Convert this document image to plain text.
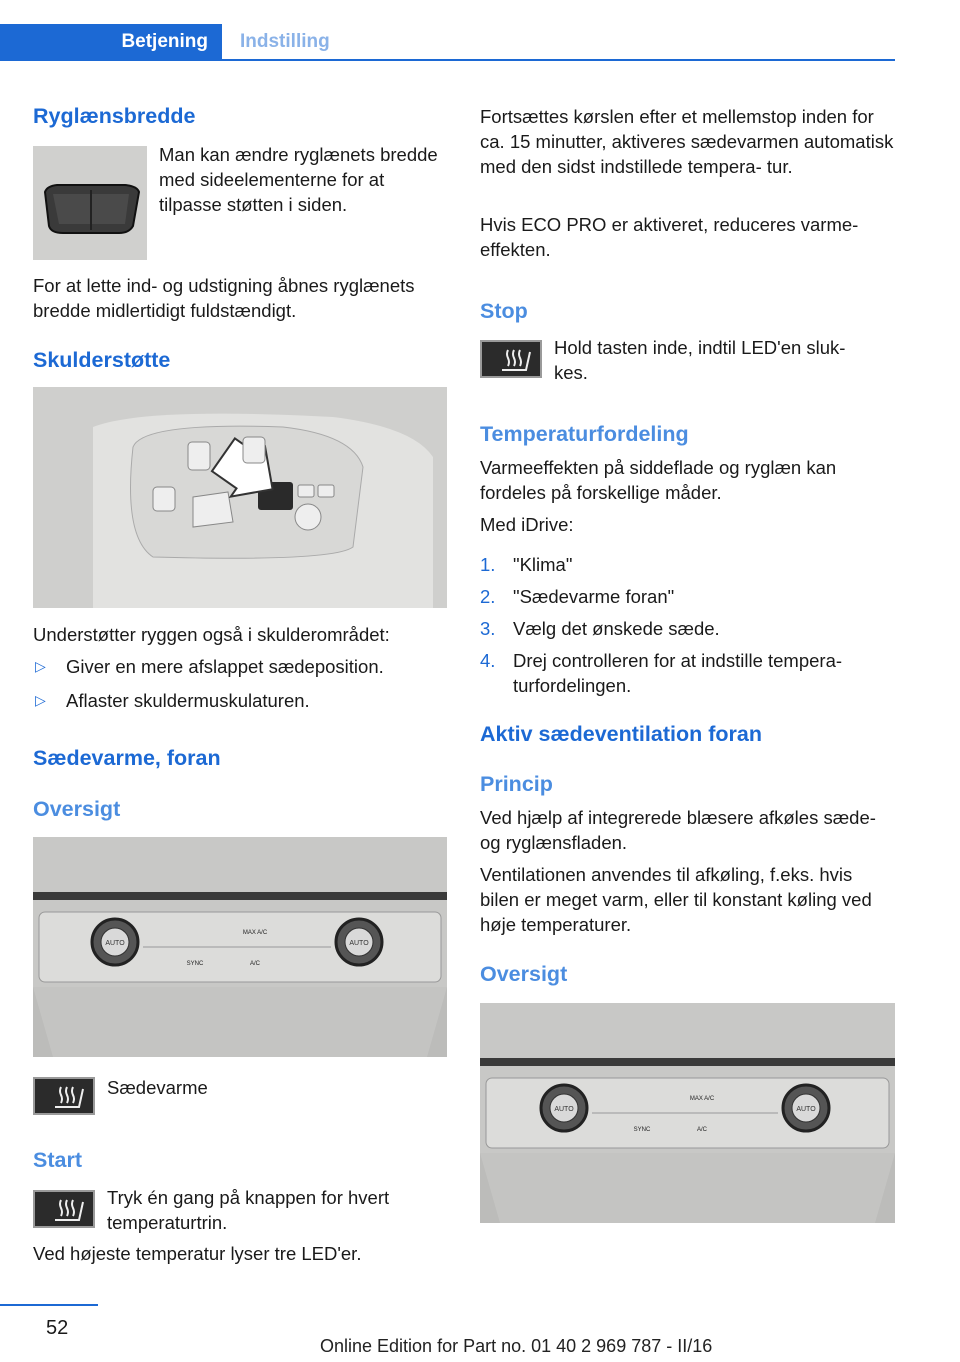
Betjening Indstilling
Ryglænsbredde
Man kan ændre ryglænets bredde med sideelementerne for at tilpasse støtten i siden.
For at lette ind- og udstigning åbnes ryglænets bredde midlertidigt fuldstændigt.
Skulderstøtte
Understøtter ryggen også i skulderområdet:
▷ Giver en mere afslappet sædeposition.
▷ Aflaster skuldermuskulaturen.
Sædevarme, foran
Oversigt
AUTO	AUTO
MAX A/C
SYNC	A/C
Sædevarme
Start
Tryk én gang på knappen for hvert temperaturtrin.
Ved højeste temperatur lyser tre LED'er.
Fortsættes kørslen efter et mellemstop inden for ca. 15 minutter, aktiveres sædevarmen automatisk med den sidst indstillede tempera‐ tur.
Hvis ECO PRO er aktiveret, reduceres varme‐ effekten.
Stop
Hold tasten inde, indtil LED'en sluk‐ kes.
Temperaturfordeling
Varmeeffekten på siddeflade og ryglæn kan fordeles på forskellige måder.
Med iDrive:
1. "Klima"
2. "Sædevarme foran"
3. Vælg det ønskede sæde.
4. Drej controlleren for at indstille tempera‐ turfordelingen.
Aktiv sædeventilation foran
Princip
Ved hjælp af integrerede blæsere afkøles sæde- og ryglænsfladen.
Ventilationen anvendes til afkøling, f.eks. hvis bilen er meget varm, eller til konstant køling ved høje temperaturer.
Oversigt
AUTO	AUTO
MAX A/C
SYNC	A/C
52
Online Edition for Part no. 01 40 2 969 787 - II/16
